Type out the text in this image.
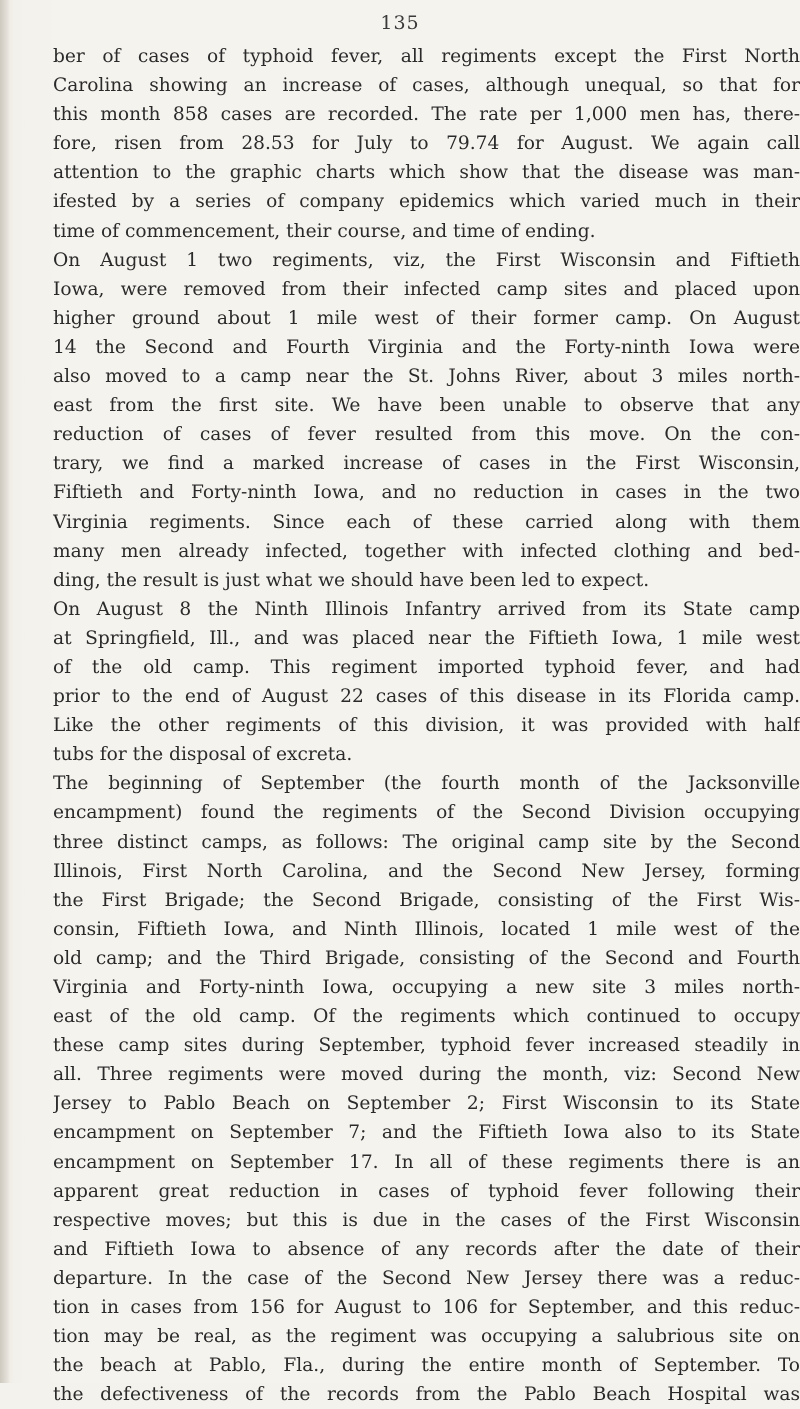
135
ber of cases of typhoid fever, all regiments except the First North
Carolina showing an increase of cases, although unequal, so that for
this month 858 cases are recorded. The rate per 1,000 men has, there-
fore, risen from 28.53 for July to 79.74 for August. We again call
attention to the graphic charts which show that the disease was man-
ifested by a series of company epidemics which varied much in their
time of commencement, their course, and time of ending.
On August 1 two regiments, viz, the First Wisconsin and Fiftieth
Iowa, were removed from their infected camp sites and placed upon
higher ground about 1 mile west of their former camp. On August
14 the Second and Fourth Virginia and the Forty-ninth Iowa were
also moved to a camp near the St. Johns River, about 3 miles north-
east from the first site. We have been unable to observe that any
reduction of cases of fever resulted from this move. On the con-
trary, we find a marked increase of cases in the First Wisconsin,
Fiftieth and Forty-ninth Iowa, and no reduction in cases in the two
Virginia regiments. Since each of these carried along with them
many men already infected, together with infected clothing and bed-
ding, the result is just what we should have been led to expect.
On August 8 the Ninth Illinois Infantry arrived from its State camp
at Springfield, Ill., and was placed near the Fiftieth Iowa, 1 mile west
of the old camp. This regiment imported typhoid fever, and had
prior to the end of August 22 cases of this disease in its Florida camp.
Like the other regiments of this division, it was provided with half
tubs for the disposal of excreta.
The beginning of September (the fourth month of the Jacksonville
encampment) found the regiments of the Second Division occupying
three distinct camps, as follows: The original camp site by the Second
Illinois, First North Carolina, and the Second New Jersey, forming
the First Brigade; the Second Brigade, consisting of the First Wis-
consin, Fiftieth Iowa, and Ninth Illinois, located 1 mile west of the
old camp; and the Third Brigade, consisting of the Second and Fourth
Virginia and Forty-ninth Iowa, occupying a new site 3 miles north-
east of the old camp. Of the regiments which continued to occupy
these camp sites during September, typhoid fever increased steadily in
all. Three regiments were moved during the month, viz: Second New
Jersey to Pablo Beach on September 2; First Wisconsin to its State
encampment on September 7; and the Fiftieth Iowa also to its State
encampment on September 17. In all of these regiments there is an
apparent great reduction in cases of typhoid fever following their
respective moves; but this is due in the cases of the First Wisconsin
and Fiftieth Iowa to absence of any records after the date of their
departure. In the case of the Second New Jersey there was a reduc-
tion in cases from 156 for August to 106 for September, and this reduc-
tion may be real, as the regiment was occupying a salubrious site on
the beach at Pablo, Fla., during the entire month of September. To
the defectiveness of the records from the Pablo Beach Hospital was
